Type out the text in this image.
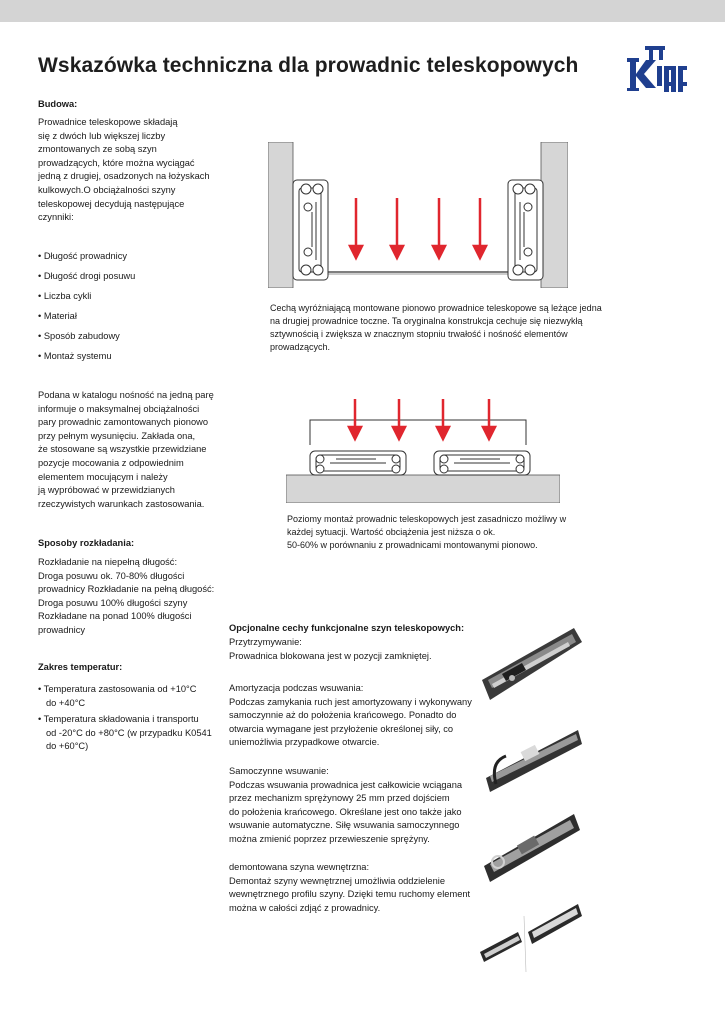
Wskazówka techniczna dla prowadnic teleskopowych
Budowa:

Prowadnice teleskopowe składają

się z dwóch lub większej liczby

zmontowanych ze sobą szyn

prowadzących, które można wyciągać

jedną z drugiej, osadzonych na łożyskach

kulkowych.O obciążalności szyny

teleskopowej decydują następujące

czynniki:

• Długość prowadnicy
• Długość drogi posuwu
• Liczba cykli
• Materiał
• Sposób zabudowy
• Montaż systemu

Podana w katalogu nośność na jedną parę

informuje o maksymalnej obciążalności

pary prowadnic zamontowanych pionowo

przy pełnym wysunięciu. Zakłada ona,

że stosowane są wszystkie przewidziane

pozycje mocowania z odpowiednim

elementem mocującym i należy

ją wypróbować w przewidzianych

rzeczywistych warunkach zastosowania.

Sposoby rozkładania:

Rozkładanie na niepełną długość:

Droga posuwu ok. 70-80% długości

prowadnicy Rozkładanie na pełną długość:

Droga posuwu 100% długości szyny

Rozkładane na ponad 100% długości

prowadnicy

Zakres temperatur:

• Temperatura zastosowania od +10°C

do +40°C

• Temperatura składowania i transportu

od -20°C do +80°C (w przypadku K0541

do +60°C)

Cechą wyróżniającą montowane pionowo prowadnice teleskopowe są leżące jedna
na drugiej prowadnice toczne. Ta oryginalna konstrukcja cechuje się niezwykłą
sztywnością i zwiększa w znacznym stopniu trwałość i nośność elementów
prowadzących.
Poziomy montaż prowadnic teleskopowych jest zasadniczo możliwy w
każdej sytuacji. Wartość obciążenia jest niższa o ok.
50-60% w porównaniu z prowadnicami montowanymi pionowo.
Opcjonalne cechy funkcjonalne szyn teleskopowych:

Przytrzymywanie:

Prowadnica blokowana jest w pozycji zamkniętej.

Amortyzacja podczas wsuwania:

Podczas zamykania ruch jest amortyzowany i wykonywany

samoczynnie aż do położenia krańcowego. Ponadto do

otwarcia wymagane jest przyłożenie określonej siły, co

uniemożliwia przypadkowe otwarcie.

Samoczynne wsuwanie:

Podczas wsuwania prowadnica jest całkowicie wciągana

przez mechanizm sprężynowy 25 mm przed dojściem

do położenia krańcowego. Określane jest ono także jako

wsuwanie automatyczne. Siłę wsuwania samoczynnego

można zmienić poprzez przewieszenie sprężyny.

demontowana szyna wewnętrzna:

Demontaż szyny wewnętrznej umożliwia oddzielenie

wewnętrznego profilu szyny. Dzięki temu ruchomy element

można w całości zdjąć z prowadnicy.
